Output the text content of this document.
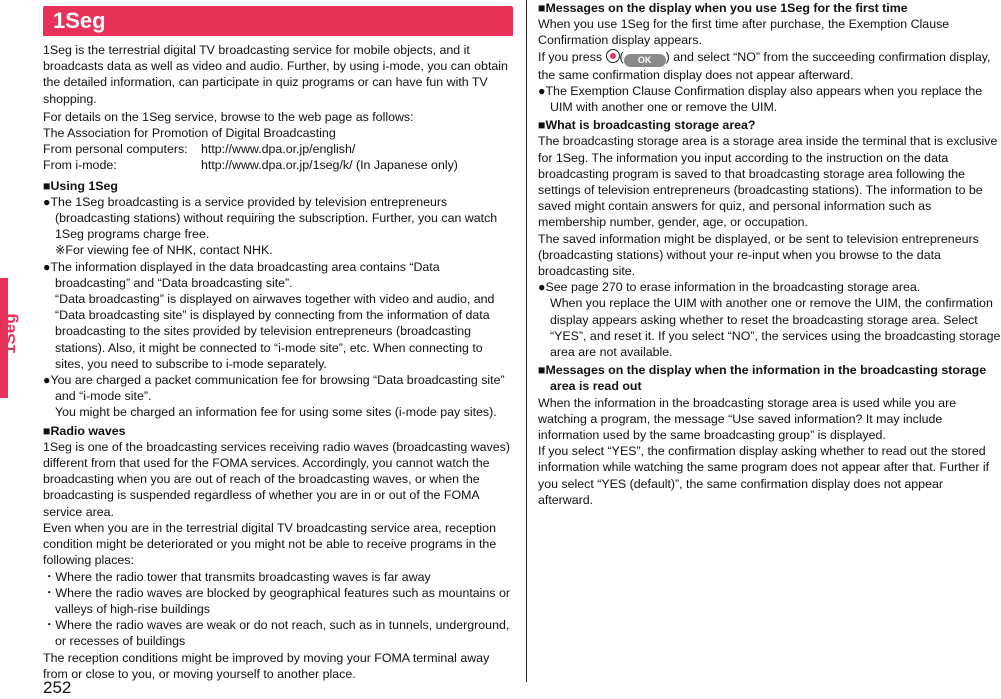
1Seg
1Seg

1Seg is the terrestrial digital TV broadcasting service for mobile objects, and it broadcasts data as well as video and audio. Further, by using i-mode, you can obtain the detailed information, can participate in quiz programs or can have fun with TV shopping.

For details on the 1Seg service, browse to the web page as follows:

The Association for Promotion of Digital Broadcasting

From personal computers:	http://www.dpa.or.jp/english/
From i-mode:	http://www.dpa.or.jp/1seg/k/ (In Japanese only)

■Using 1Seg

●The 1Seg broadcasting is a service provided by television entrepreneurs (broadcasting stations) without requiring the subscription. Further, you can watch 1Seg programs charge free.

※For viewing fee of NHK, contact NHK.

●The information displayed in the data broadcasting area contains “Data broadcasting” and “Data broadcasting site”.

“Data broadcasting” is displayed on airwaves together with video and audio, and “Data broadcasting site” is displayed by connecting from the information of data broadcasting to the sites provided by television entrepreneurs (broadcasting stations). Also, it might be connected to “i-mode site”, etc. When connecting to sites, you need to subscribe to i-mode separately.

●You are charged a packet communication fee for browsing “Data broadcasting site” and “i-mode site”.

You might be charged an information fee for using some sites (i-mode pay sites).

■Radio waves

1Seg is one of the broadcasting services receiving radio waves (broadcasting waves) different from that used for the FOMA services. Accordingly, you cannot watch the broadcasting when you are out of reach of the broadcasting waves, or when the broadcasting is suspended regardless of whether you are in or out of the FOMA service area.

Even when you are in the terrestrial digital TV broadcasting service area, reception condition might be deteriorated or you might not be able to receive programs in the following places:

・Where the radio tower that transmits broadcasting waves is far away

・Where the radio waves are blocked by geographical features such as mountains or valleys of high-rise buildings

・Where the radio waves are weak or do not reach, such as in tunnels, underground, or recesses of buildings

The reception conditions might be improved by moving your FOMA terminal away from or close to you, or moving yourself to another place.

■Messages on the display when you use 1Seg for the first time

When you use 1Seg for the first time after purchase, the Exemption Clause Confirmation display appears.

If you press ( OK ) and select “NO” from the succeeding confirmation display, the same confirmation display does not appear afterward.

●The Exemption Clause Confirmation display also appears when you replace the UIM with another one or remove the UIM.

■What is broadcasting storage area?

The broadcasting storage area is a storage area inside the terminal that is exclusive for 1Seg. The information you input according to the instruction on the data broadcasting program is saved to that broadcasting storage area following the settings of television entrepreneurs (broadcasting stations). The information to be saved might contain answers for quiz, and personal information such as membership number, gender, age, or occupation.

The saved information might be displayed, or be sent to television entrepreneurs (broadcasting stations) without your re-input when you browse to the data broadcasting site.

●See page 270 to erase information in the broadcasting storage area.

When you replace the UIM with another one or remove the UIM, the confirmation display appears asking whether to reset the broadcasting storage area. Select “YES”, and reset it. If you select “NO”, the services using the broadcasting storage area are not available.

■Messages on the display when the information in the broadcasting storage area is read out

When the information in the broadcasting storage area is used while you are watching a program, the message “Use saved information? It may include information used by the same broadcasting group” is displayed.

If you select “YES”, the confirmation display asking whether to read out the stored information while watching the same program does not appear after that. Further if you select “YES (default)”, the same confirmation display does not appear afterward.

252
